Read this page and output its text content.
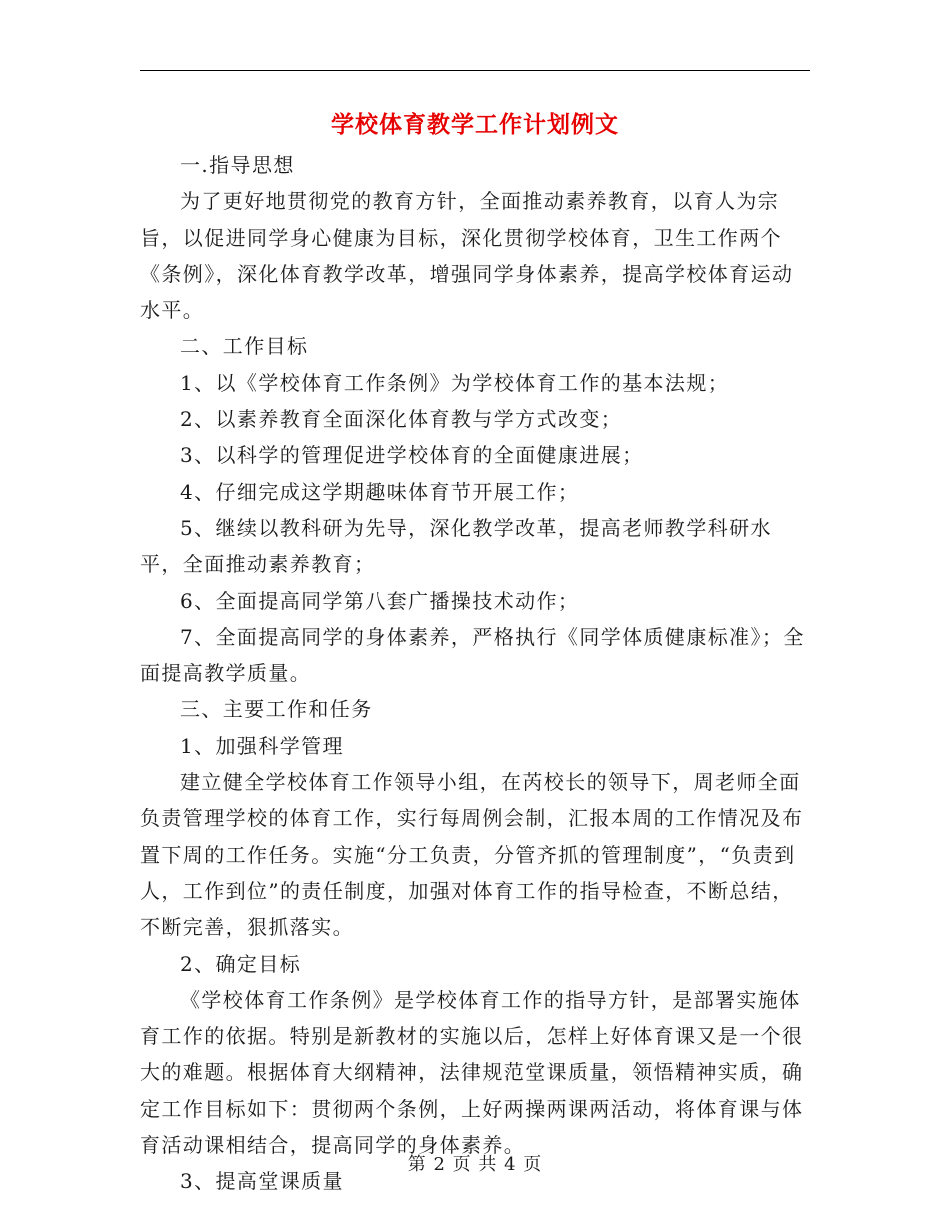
学校体育教学工作计划例文

一.指导思想

为了更好地贯彻党的教育方针，全面推动素养教育，以育人为宗旨，以促进同学身心健康为目标，深化贯彻学校体育，卫生工作两个《条例》，深化体育教学改革，增强同学身体素养，提高学校体育运动水平。

二、工作目标

1、以《学校体育工作条例》为学校体育工作的基本法规；

2、以素养教育全面深化体育教与学方式改变；

3、以科学的管理促进学校体育的全面健康进展；

4、仔细完成这学期趣味体育节开展工作；

5、继续以教科研为先导，深化教学改革，提高老师教学科研水平，全面推动素养教育；

6、全面提高同学第八套广播操技术动作；

7、全面提高同学的身体素养，严格执行《同学体质健康标准》；全面提高教学质量。

三、主要工作和任务

1、加强科学管理

建立健全学校体育工作领导小组，在芮校长的领导下，周老师全面负责管理学校的体育工作，实行每周例会制，汇报本周的工作情况及布置下周的工作任务。实施“分工负责，分管齐抓的管理制度”，“负责到人，工作到位”的责任制度，加强对体育工作的指导检查，不断总结，不断完善，狠抓落实。

2、确定目标

《学校体育工作条例》是学校体育工作的指导方针，是部署实施体育工作的依据。特别是新教材的实施以后，怎样上好体育课又是一个很大的难题。根据体育大纲精神，法律规范堂课质量，领悟精神实质，确定工作目标如下：贯彻两个条例，上好两操两课两活动，将体育课与体育活动课相结合，提高同学的身体素养。

3、提高堂课质量

第 2 页 共 4 页
